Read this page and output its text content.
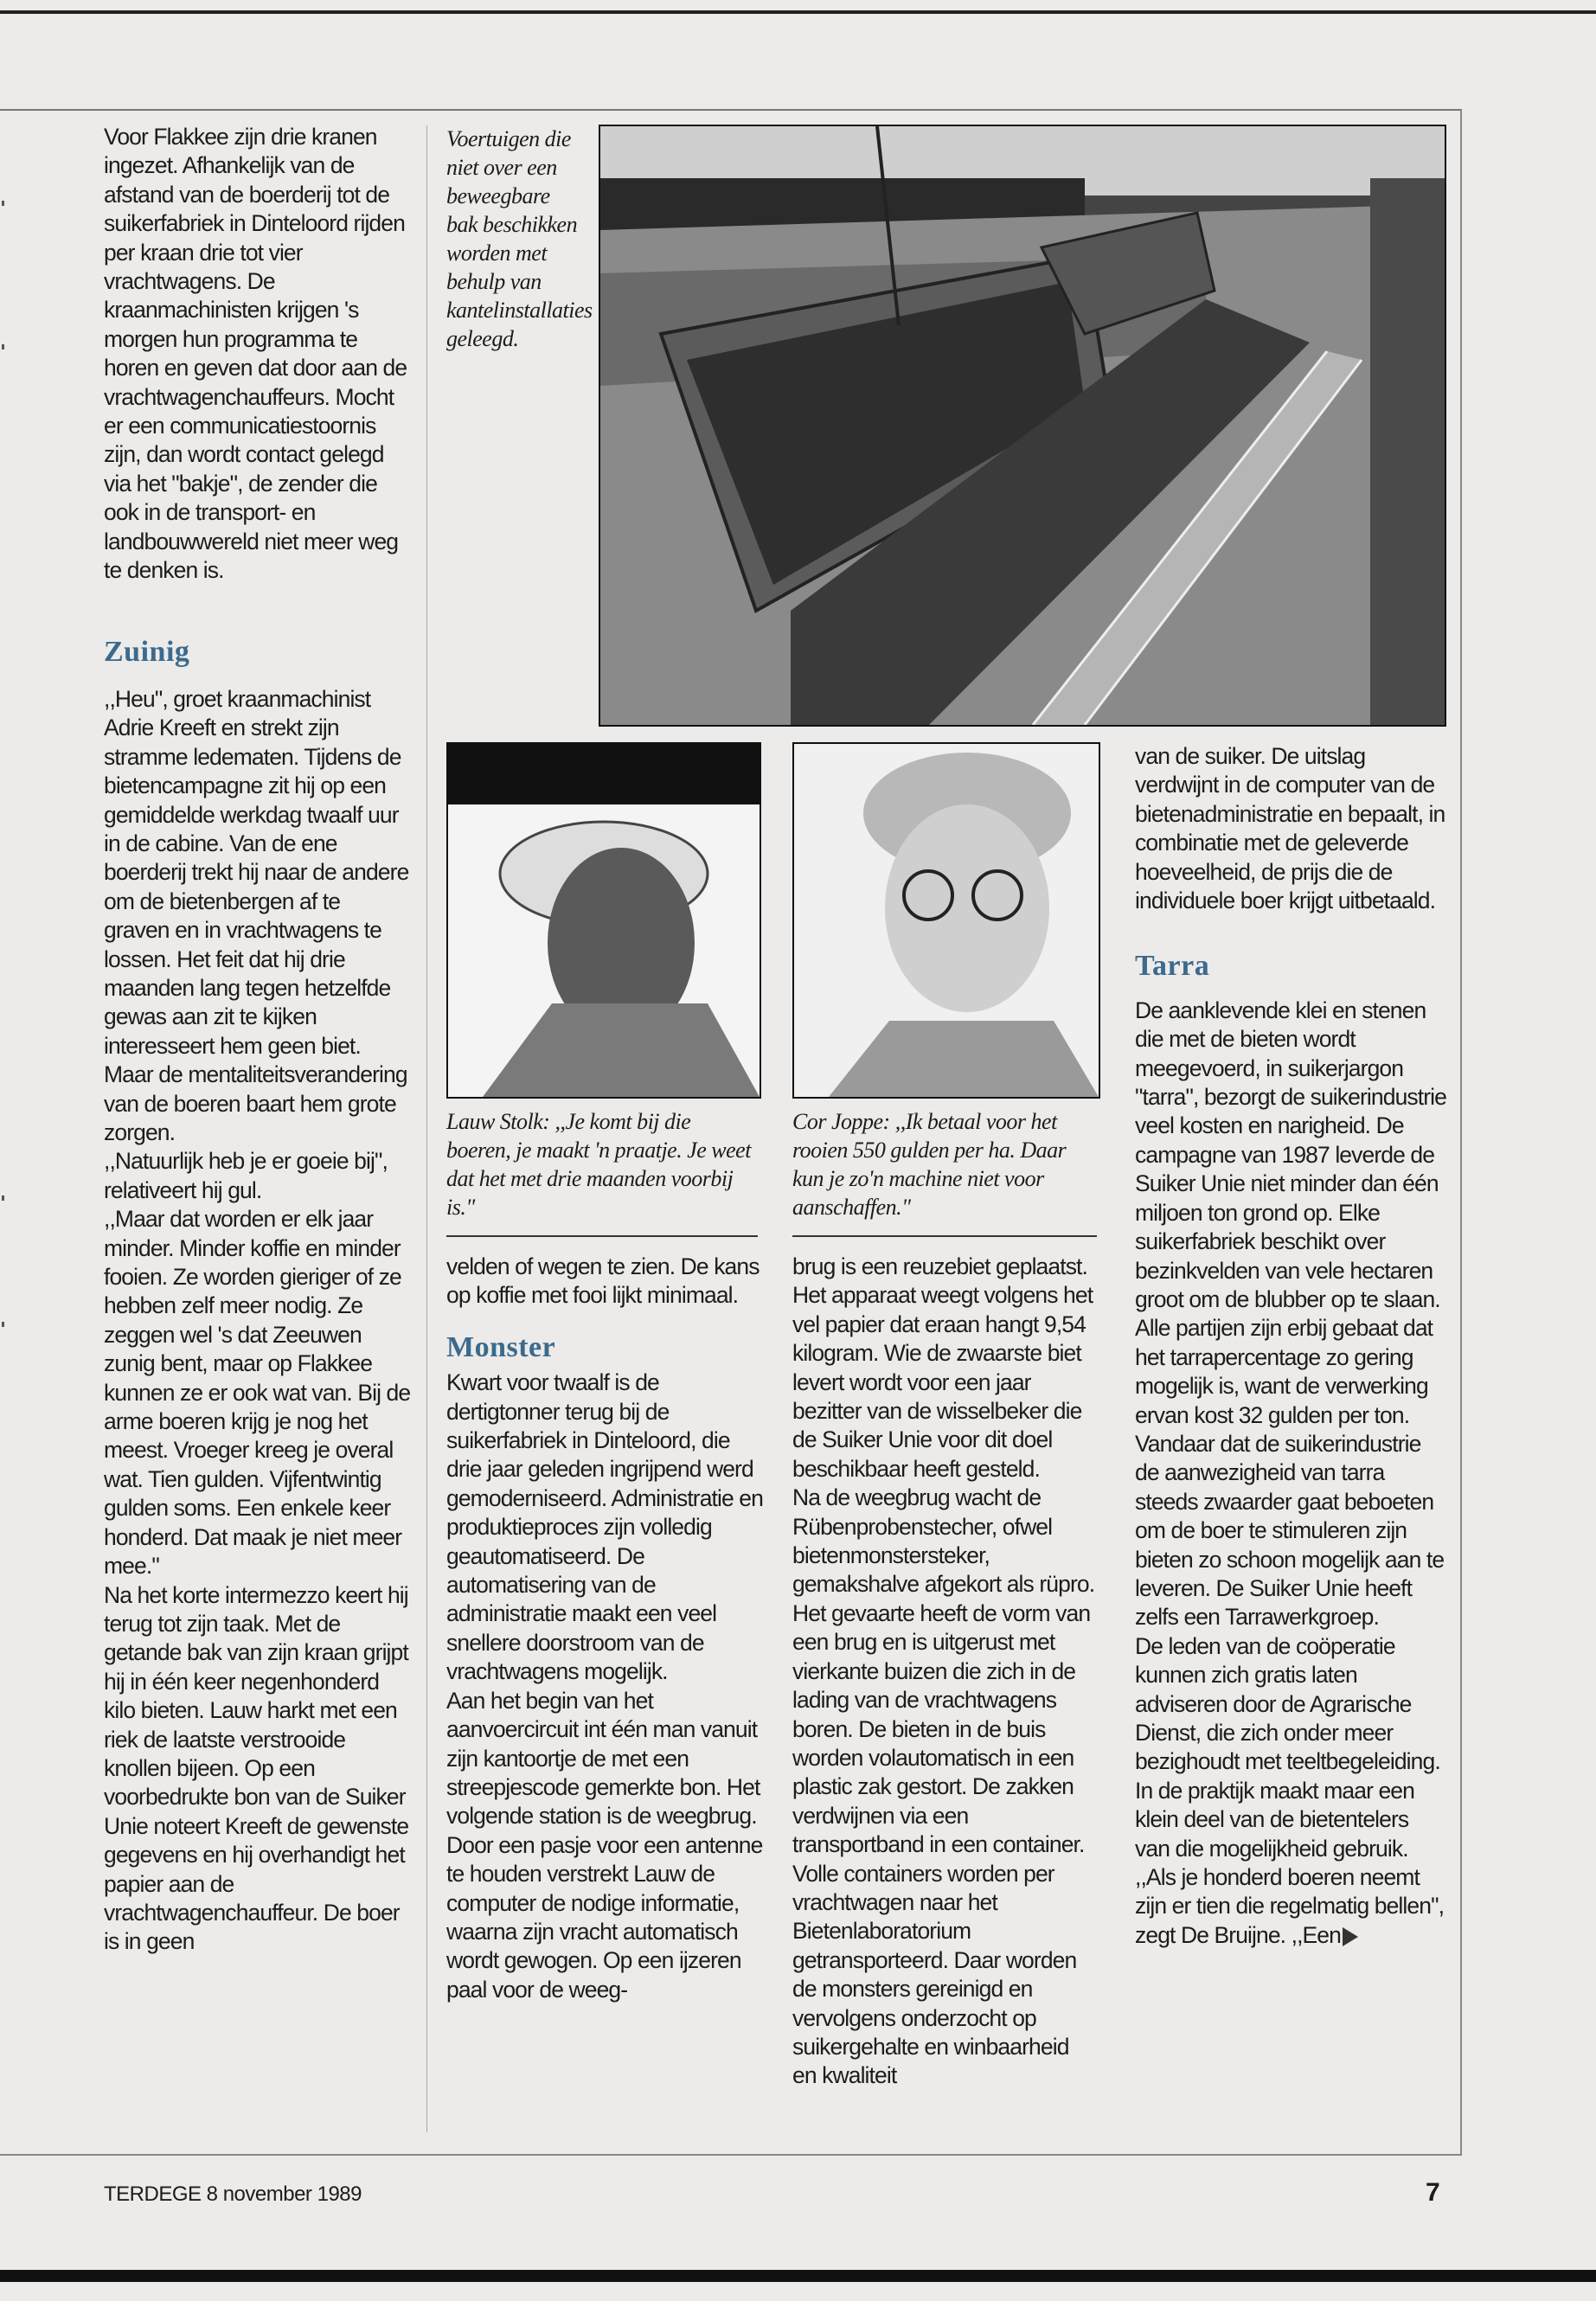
Voor Flakkee zijn drie kranen ingezet. Afhankelijk van de afstand van de boerderij tot de suikerfabriek in Dinteloord rijden per kraan drie tot vier vrachtwagens. De kraanmachinisten krijgen 's morgen hun programma te horen en geven dat door aan de vrachtwagenchauffeurs. Mocht er een communicatiestoornis zijn, dan wordt contact gelegd via het "bakje", de zender die ook in de transport- en landbouwwereld niet meer weg te denken is.

Zuinig

,,Heu", groet kraanmachinist Adrie Kreeft en strekt zijn stramme ledematen. Tijdens de bietencampagne zit hij op een gemiddelde werkdag twaalf uur in de cabine. Van de ene boerderij trekt hij naar de andere om de bietenbergen af te graven en in vrachtwagens te lossen. Het feit dat hij drie maanden lang tegen hetzelfde gewas aan zit te kijken interesseert hem geen biet. Maar de mentaliteitsverandering van de boeren baart hem grote zorgen.

,,Natuurlijk heb je er goeie bij", relativeert hij gul.

,,Maar dat worden er elk jaar minder. Minder koffie en minder fooien. Ze worden gieriger of ze hebben zelf meer nodig. Ze zeggen wel 's dat Zeeuwen zunig bent, maar op Flakkee kunnen ze er ook wat van. Bij de arme boeren krijg je nog het meest. Vroeger kreeg je overal wat. Tien gulden. Vijfentwintig gulden soms. Een enkele keer honderd. Dat maak je niet meer mee."

Na het korte intermezzo keert hij terug tot zijn taak. Met de getande bak van zijn kraan grijpt hij in één keer negenhonderd kilo bieten. Lauw harkt met een riek de laatste verstrooide knollen bijeen. Op een voorbedrukte bon van de Suiker Unie noteert Kreeft de gewenste gegevens en hij overhandigt het papier aan de vrachtwagenchauffeur. De boer is in geen

Voertuigen die niet over een beweegbare bak beschikken worden met behulp van kantelinstallaties geleegd.
Lauw Stolk: ,,Je komt bij die boeren, je maakt 'n praatje. Je weet dat het met drie maanden voorbij is."
Cor Joppe: ,,Ik betaal voor het rooien 550 gulden per ha. Daar kun je zo'n machine niet voor aanschaffen."

velden of wegen te zien. De kans op koffie met fooi lijkt minimaal.

Monster

Kwart voor twaalf is de dertigtonner terug bij de suikerfabriek in Dinteloord, die drie jaar geleden ingrijpend werd gemoderniseerd. Administratie en produktieproces zijn volledig geautomatiseerd. De automatisering van de administratie maakt een veel snellere doorstroom van de vrachtwagens mogelijk.

Aan het begin van het aanvoercircuit int één man vanuit zijn kantoortje de met een streepjescode gemerkte bon. Het volgende station is de weegbrug. Door een pasje voor een antenne te houden verstrekt Lauw de computer de nodige informatie, waarna zijn vracht automatisch wordt gewogen. Op een ijzeren paal voor de weeg-

brug is een reuzebiet geplaatst. Het apparaat weegt volgens het vel papier dat eraan hangt 9,54 kilogram. Wie de zwaarste biet levert wordt voor een jaar bezitter van de wisselbeker die de Suiker Unie voor dit doel beschikbaar heeft gesteld.

Na de weegbrug wacht de Rübenprobenstecher, ofwel bietenmonstersteker, gemakshalve afgekort als rüpro. Het gevaarte heeft de vorm van een brug en is uitgerust met vierkante buizen die zich in de lading van de vrachtwagens boren. De bieten in de buis worden volautomatisch in een plastic zak gestort. De zakken verdwijnen via een transportband in een container. Volle containers worden per vrachtwagen naar het Bietenlaboratorium getransporteerd. Daar worden de monsters gereinigd en vervolgens onderzocht op suikergehalte en winbaarheid en kwaliteit

van de suiker. De uitslag verdwijnt in de computer van de bietenadministratie en bepaalt, in combinatie met de geleverde hoeveelheid, de prijs die de individuele boer krijgt uitbetaald.

Tarra

De aanklevende klei en stenen die met de bieten wordt meegevoerd, in suikerjargon "tarra", bezorgt de suikerindustrie veel kosten en narigheid. De campagne van 1987 leverde de Suiker Unie niet minder dan één miljoen ton grond op. Elke suikerfabriek beschikt over bezinkvelden van vele hectaren groot om de blubber op te slaan.

Alle partijen zijn erbij gebaat dat het tarrapercentage zo gering mogelijk is, want de verwerking ervan kost 32 gulden per ton. Vandaar dat de suikerindustrie de aanwezigheid van tarra steeds zwaarder gaat beboeten om de boer te stimuleren zijn bieten zo schoon mogelijk aan te leveren. De Suiker Unie heeft zelfs een Tarrawerkgroep.

De leden van de coöperatie kunnen zich gratis laten adviseren door de Agrarische Dienst, die zich onder meer bezighoudt met teeltbegeleiding. In de praktijk maakt maar een klein deel van de bietentelers van die mogelijkheid gebruik. ,,Als je honderd boeren neemt zijn er tien die regelmatig bellen", zegt De Bruijne. ,,Een

TERDEGE 8 november 1989	7
